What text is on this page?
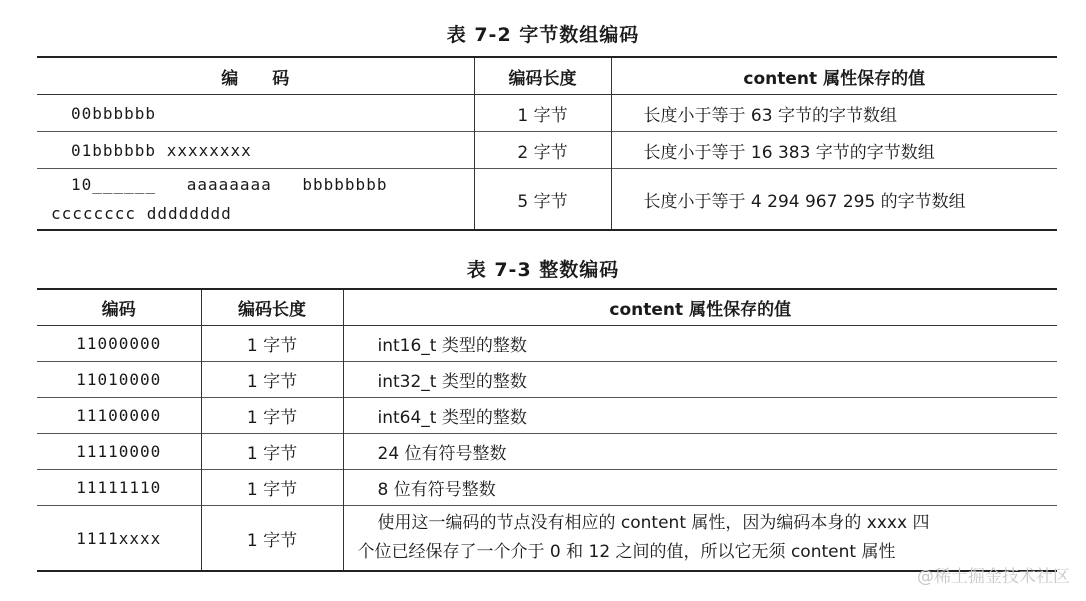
表 7-2 字节数组编码
编　　码	编码长度	content 属性保存的值
00bbbbbb	1 字节	长度小于等于 63 字节的字节数组
01bbbbbb xxxxxxxx	2 字节	长度小于等于 16 383 字节的字节数组

10______ aaaaaaaa bbbbbbbb
cccccccc dddddddd	5 字节	长度小于等于 4 294 967 295 的字节数组
表 7-3 整数编码
编码	编码长度	content 属性保存的值
11000000	1 字节	int16_t 类型的整数
11010000	1 字节	int32_t 类型的整数
11100000	1 字节	int64_t 类型的整数
11110000	1 字节	24 位有符号整数
11111110	1 字节	8 位有符号整数
1111xxxx	1 字节	使用这一编码的节点没有相应的 content 属性，因为编码本身的 xxxx 四
个位已经保存了一个介于 0 和 12 之间的值，所以它无须 content 属性
@稀土掘金技术社区
